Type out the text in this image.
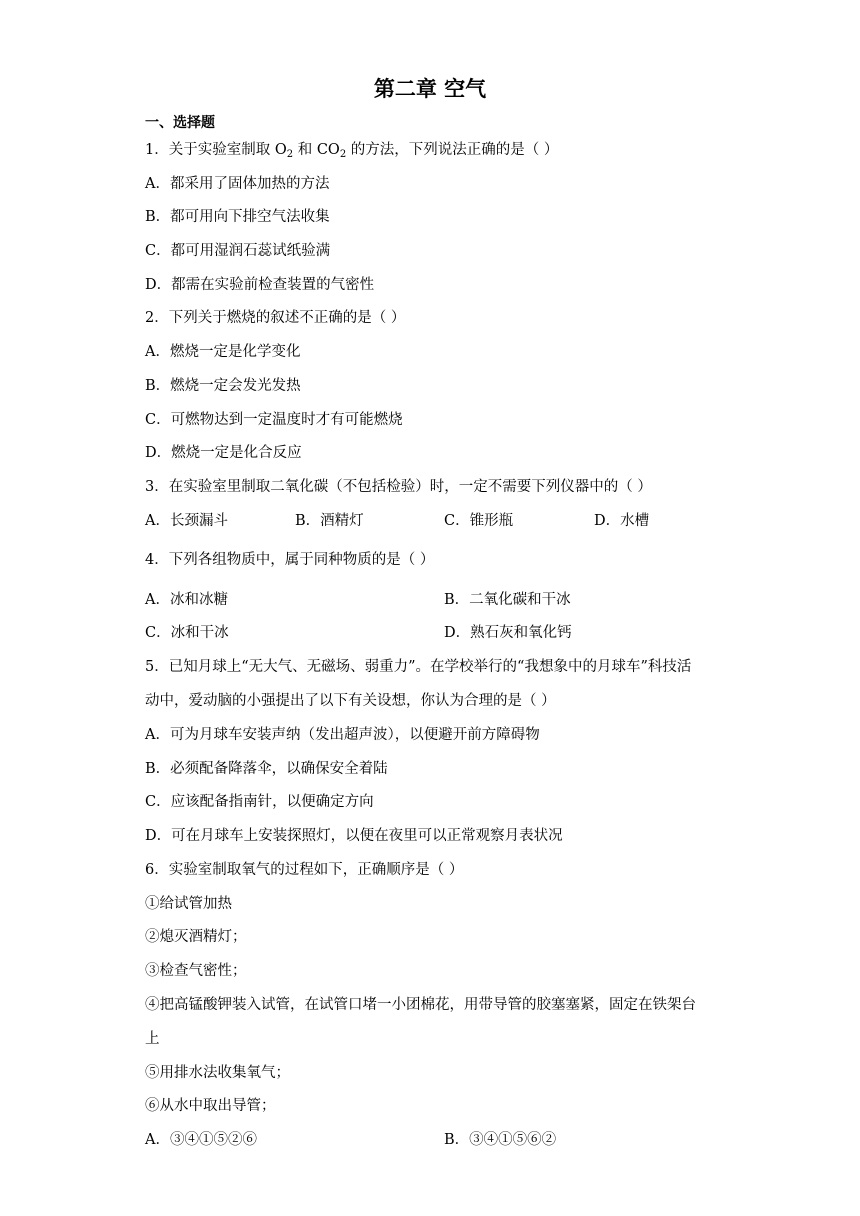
第二章 空气
一、选择题
1．关于实验室制取 $O_2$ 和 $CO_2$ 的方法，下列说法正确的是（ ）
A．都采用了固体加热的方法
B．都可用向下排空气法收集
C．都可用湿润石蕊试纸验满
D．都需在实验前检查装置的气密性
2．下列关于燃烧的叙述不正确的是（ ）
A．燃烧一定是化学变化
B．燃烧一定会发光发热
C．可燃物达到一定温度时才有可能燃烧
D．燃烧一定是化合反应
3．在实验室里制取二氧化碳（不包括检验）时，一定不需要下列仪器中的（ ）
A．长颈漏斗	B．酒精灯	C．锥形瓶	D．水槽
4．下列各组物质中，属于同种物质的是（ ）
A．冰和冰糖	B．二氧化碳和干冰
C．冰和干冰	D．熟石灰和氧化钙
5．已知月球上“无大气、无磁场、弱重力”。在学校举行的“我想象中的月球车”科技活
动中，爱动脑的小强提出了以下有关设想，你认为合理的是（ ）
A．可为月球车安装声纳（发出超声波），以便避开前方障碍物
B．必须配备降落伞，以确保安全着陆
C．应该配备指南针，以便确定方向
D．可在月球车上安装探照灯，以便在夜里可以正常观察月表状况
6．实验室制取氧气的过程如下，正确顺序是（ ）
①给试管加热
②熄灭酒精灯；
③检查气密性；
④把高锰酸钾装入试管，在试管口堵一小团棉花，用带导管的胶塞塞紧，固定在铁架台
上
⑤用排水法收集氧气；
⑥从水中取出导管；
A．③④①⑤②⑥	B．③④①⑤⑥②
